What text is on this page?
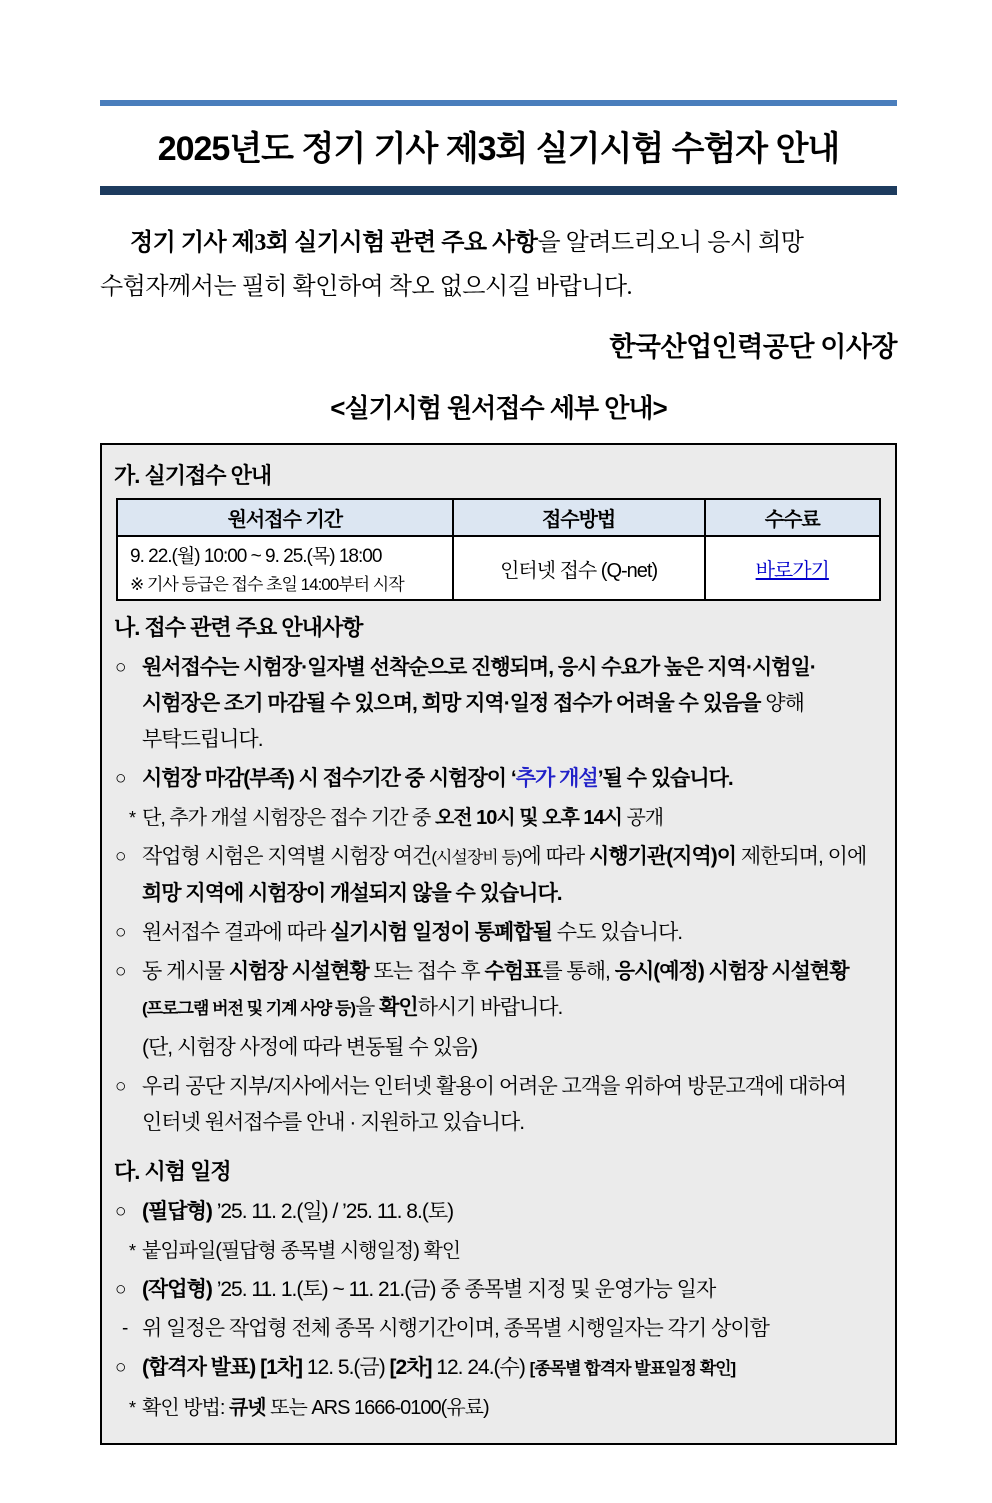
2025년도 정기 기사 제3회 실기시험 수험자 안내

정기 기사 제3회 실기시험 관련 주요 사항을 알려드리오니 응시 희망 수험자께서는 필히 확인하여 착오 없으시길 바랍니다.

한국산업인력공단 이사장
<실기시험 원서접수 세부 안내>
가. 실기접수 안내
원서접수 기간	접수방법	수수료

9. 22.(월) 10:00 ~ 9. 25.(목) 18:00
※ 기사 등급은 접수 초일 14:00부터 시작	인터넷 접수 (Q-net)	바로가기
나. 접수 관련 주요 안내사항
○ 원서접수는 시험장·일자별 선착순으로 진행되며, 응시 수요가 높은 지역·시험일·시험장은 조기 마감될 수 있으며, 희망 지역·일정 접수가 어려울 수 있음을 양해 부탁드립니다.
○ 시험장 마감(부족) 시 접수기간 중 시험장이 ‘추가 개설’될 수 있습니다.
* 단, 추가 개설 시험장은 접수 기간 중 오전 10시 및 오후 14시 공개
○ 작업형 시험은 지역별 시험장 여건(시설장비 등)에 따라 시행기관(지역)이 제한되며, 이에 희망 지역에 시험장이 개설되지 않을 수 있습니다.
○ 원서접수 결과에 따라 실기시험 일정이 통폐합될 수도 있습니다.
○ 동 게시물 시험장 시설현황 또는 접수 후 수험표를 통해, 응시(예정) 시험장 시설현황(프로그램 버전 및 기계 사양 등)을 확인하시기 바랍니다.
(단, 시험장 사정에 따라 변동될 수 있음)
○ 우리 공단 지부/지사에서는 인터넷 활용이 어려운 고객을 위하여 방문고객에 대하여 인터넷 원서접수를 안내 · 지원하고 있습니다.
다. 시험 일정
○ (필답형) ’25. 11. 2.(일) / ’25. 11. 8.(토)
* 붙임파일(필답형 종목별 시행일정) 확인
○ (작업형) ’25. 11. 1.(토) ~ 11. 21.(금) 중 종목별 지정 및 운영가능 일자
- 위 일정은 작업형 전체 종목 시행기간이며, 종목별 시행일자는 각기 상이함
○ (합격자 발표) [1차] 12. 5.(금) [2차] 12. 24.(수) [종목별 합격자 발표일정 확인]
* 확인 방법: 큐넷 또는 ARS 1666-0100(유료)
